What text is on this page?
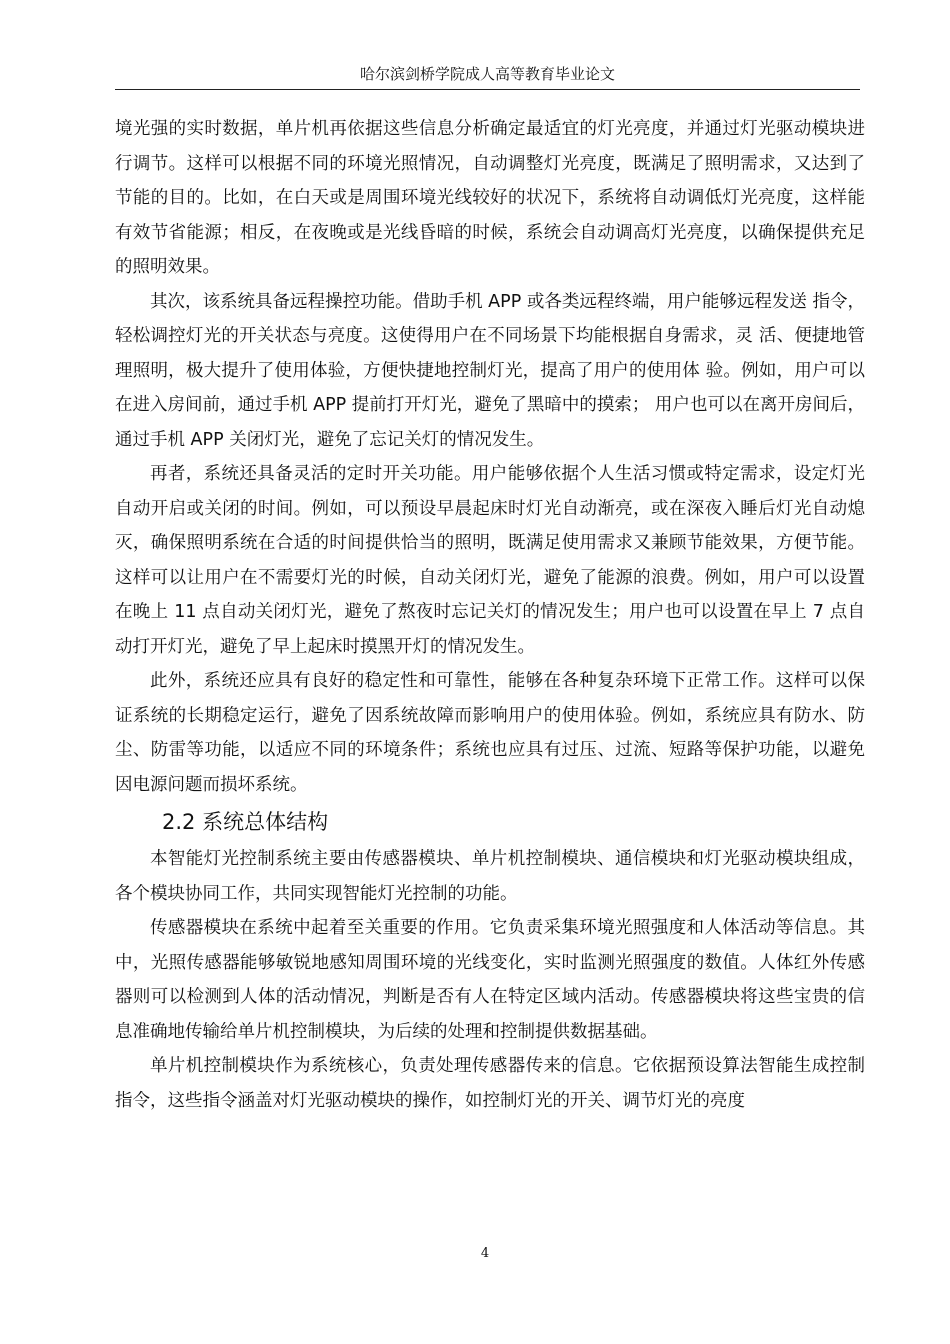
哈尔滨剑桥学院成人高等教育毕业论文

境光强的实时数据，单片机再依据这些信息分析确定最适宜的灯光亮度，并通过灯光驱动模块进行调节。这样可以根据不同的环境光照情况，自动调整灯光亮度，既满足了照明需求，又达到了节能的目的。比如，在白天或是周围环境光线较好的状况下，系统将自动调低灯光亮度，这样能有效节省能源；相反，在夜晚或是光线昏暗的时候，系统会自动调高灯光亮度，以确保提供充足的照明效果。

其次，该系统具备远程操控功能。借助手机 APP 或各类远程终端，用户能够远程发送 指令，轻松调控灯光的开关状态与亮度。这使得用户在不同场景下均能根据自身需求，灵 活、便捷地管理照明，极大提升了使用体验，方便快捷地控制灯光，提高了用户的使用体 验。例如，用户可以在进入房间前，通过手机 APP 提前打开灯光，避免了黑暗中的摸索； 用户也可以在离开房间后，通过手机 APP 关闭灯光，避免了忘记关灯的情况发生。

再者，系统还具备灵活的定时开关功能。用户能够依据个人生活习惯或特定需求，设定灯光自动开启或关闭的时间。例如，可以预设早晨起床时灯光自动渐亮，或在深夜入睡后灯光自动熄灭，确保照明系统在合适的时间提供恰当的照明，既满足使用需求又兼顾节能效果，方便节能。这样可以让用户在不需要灯光的时候，自动关闭灯光，避免了能源的浪费。例如，用户可以设置在晚上 11 点自动关闭灯光，避免了熬夜时忘记关灯的情况发生；用户也可以设置在早上 7 点自动打开灯光，避免了早上起床时摸黑开灯的情况发生。

此外，系统还应具有良好的稳定性和可靠性，能够在各种复杂环境下正常工作。这样可以保证系统的长期稳定运行，避免了因系统故障而影响用户的使用体验。例如，系统应具有防水、防尘、防雷等功能，以适应不同的环境条件；系统也应具有过压、过流、短路等保护功能，以避免因电源问题而损坏系统。

2.2 系统总体结构

本智能灯光控制系统主要由传感器模块、单片机控制模块、通信模块和灯光驱动模块组成，各个模块协同工作，共同实现智能灯光控制的功能。

传感器模块在系统中起着至关重要的作用。它负责采集环境光照强度和人体活动等信息。其中，光照传感器能够敏锐地感知周围环境的光线变化，实时监测光照强度的数值。人体红外传感器则可以检测到人体的活动情况，判断是否有人在特定区域内活动。传感器模块将这些宝贵的信息准确地传输给单片机控制模块，为后续的处理和控制提供数据基础。

单片机控制模块作为系统核心，负责处理传感器传来的信息。它依据预设算法智能生成控制指令，这些指令涵盖对灯光驱动模块的操作，如控制灯光的开关、调节灯光的亮度

4
